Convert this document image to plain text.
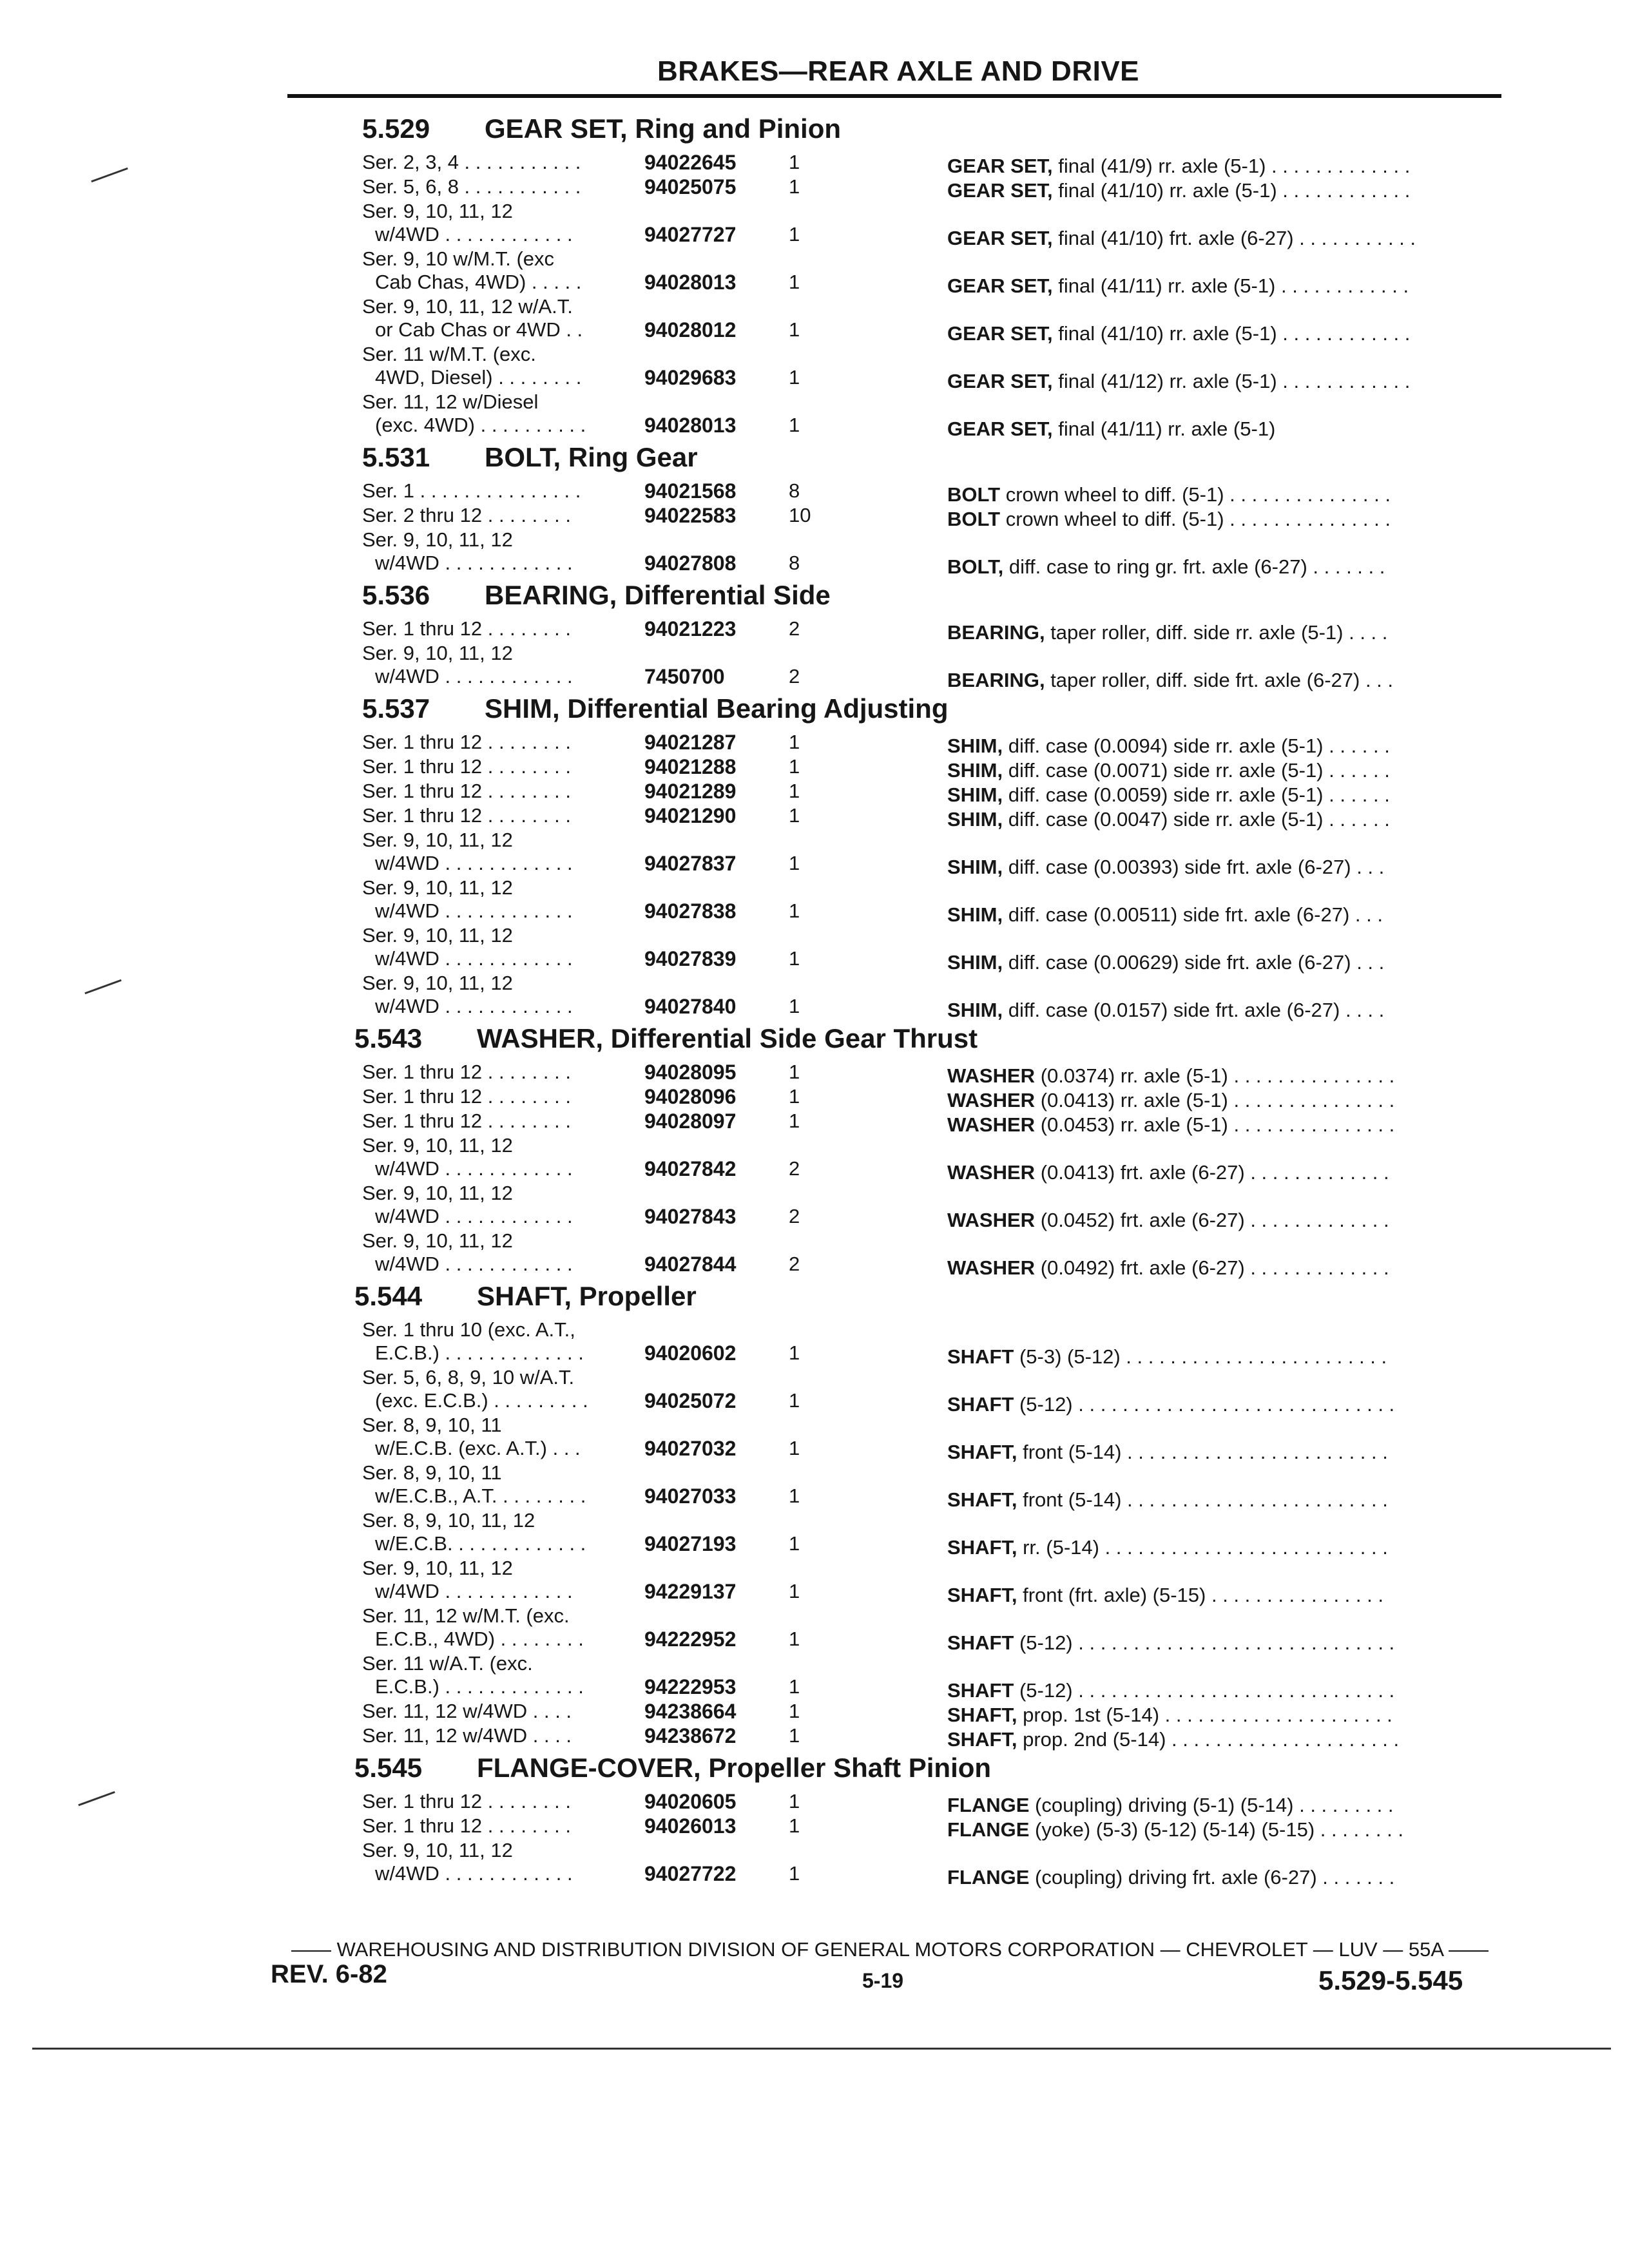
BRAKES—REAR AXLE AND DRIVE
5.529 GEAR SET, Ring and Pinion
Ser. 2, 3, 4 . . . . . . . . . . .	94022645	1	GEAR SET, final (41/9) rr. axle (5-1) . . . . . . . . . . . . .
Ser. 5, 6, 8 . . . . . . . . . . .	94025075	1	GEAR SET, final (41/10) rr. axle (5-1) . . . . . . . . . . . .
Ser. 9, 10, 11, 12
w/4WD . . . . . . . . . . . .	94027727	1	GEAR SET, final (41/10) frt. axle (6-27) . . . . . . . . . . .
Ser. 9, 10 w/M.T. (exc
Cab Chas, 4WD) . . . . .	94028013	1	GEAR SET, final (41/11) rr. axle (5-1) . . . . . . . . . . . .
Ser. 9, 10, 11, 12 w/A.T.
or Cab Chas or 4WD . .	94028012	1	GEAR SET, final (41/10) rr. axle (5-1) . . . . . . . . . . . .
Ser. 11 w/M.T. (exc.
4WD, Diesel) . . . . . . . .	94029683	1	GEAR SET, final (41/12) rr. axle (5-1) . . . . . . . . . . . .
Ser. 11, 12 w/Diesel
(exc. 4WD) . . . . . . . . . .	94028013	1	GEAR SET, final (41/11) rr. axle (5-1)
5.531 BOLT, Ring Gear
Ser. 1 . . . . . . . . . . . . . . .	94021568	8	BOLT crown wheel to diff. (5-1) . . . . . . . . . . . . . . .
Ser. 2 thru 12 . . . . . . . .	94022583	10	BOLT crown wheel to diff. (5-1) . . . . . . . . . . . . . . .
Ser. 9, 10, 11, 12
w/4WD . . . . . . . . . . . .	94027808	8	BOLT, diff. case to ring gr. frt. axle (6-27) . . . . . . .
5.536 BEARING, Differential Side
Ser. 1 thru 12 . . . . . . . .	94021223	2	BEARING, taper roller, diff. side rr. axle (5-1) . . . .
Ser. 9, 10, 11, 12
w/4WD . . . . . . . . . . . .	7450700	2	BEARING, taper roller, diff. side frt. axle (6-27) . . .
5.537 SHIM, Differential Bearing Adjusting
Ser. 1 thru 12 . . . . . . . .	94021287	1	SHIM, diff. case (0.0094) side rr. axle (5-1) . . . . . .
Ser. 1 thru 12 . . . . . . . .	94021288	1	SHIM, diff. case (0.0071) side rr. axle (5-1) . . . . . .
Ser. 1 thru 12 . . . . . . . .	94021289	1	SHIM, diff. case (0.0059) side rr. axle (5-1) . . . . . .
Ser. 1 thru 12 . . . . . . . .	94021290	1	SHIM, diff. case (0.0047) side rr. axle (5-1) . . . . . .
Ser. 9, 10, 11, 12
w/4WD . . . . . . . . . . . .	94027837	1	SHIM, diff. case (0.00393) side frt. axle (6-27) . . .
Ser. 9, 10, 11, 12
w/4WD . . . . . . . . . . . .	94027838	1	SHIM, diff. case (0.00511) side frt. axle (6-27) . . .
Ser. 9, 10, 11, 12
w/4WD . . . . . . . . . . . .	94027839	1	SHIM, diff. case (0.00629) side frt. axle (6-27) . . .
Ser. 9, 10, 11, 12
w/4WD . . . . . . . . . . . .	94027840	1	SHIM, diff. case (0.0157) side frt. axle (6-27) . . . .
5.543 WASHER, Differential Side Gear Thrust
Ser. 1 thru 12 . . . . . . . .	94028095	1	WASHER (0.0374) rr. axle (5-1) . . . . . . . . . . . . . . .
Ser. 1 thru 12 . . . . . . . .	94028096	1	WASHER (0.0413) rr. axle (5-1) . . . . . . . . . . . . . . .
Ser. 1 thru 12 . . . . . . . .	94028097	1	WASHER (0.0453) rr. axle (5-1) . . . . . . . . . . . . . . .
Ser. 9, 10, 11, 12
w/4WD . . . . . . . . . . . .	94027842	2	WASHER (0.0413) frt. axle (6-27) . . . . . . . . . . . . .
Ser. 9, 10, 11, 12
w/4WD . . . . . . . . . . . .	94027843	2	WASHER (0.0452) frt. axle (6-27) . . . . . . . . . . . . .
Ser. 9, 10, 11, 12
w/4WD . . . . . . . . . . . .	94027844	2	WASHER (0.0492) frt. axle (6-27) . . . . . . . . . . . . .
5.544 SHAFT, Propeller
Ser. 1 thru 10 (exc. A.T.,
E.C.B.) . . . . . . . . . . . . .	94020602	1	SHAFT (5-3) (5-12) . . . . . . . . . . . . . . . . . . . . . . . .
Ser. 5, 6, 8, 9, 10 w/A.T.
(exc. E.C.B.) . . . . . . . . .	94025072	1	SHAFT (5-12) . . . . . . . . . . . . . . . . . . . . . . . . . . . . .
Ser. 8, 9, 10, 11
w/E.C.B. (exc. A.T.) . . .	94027032	1	SHAFT, front (5-14) . . . . . . . . . . . . . . . . . . . . . . . .
Ser. 8, 9, 10, 11
w/E.C.B., A.T. . . . . . . . .	94027033	1	SHAFT, front (5-14) . . . . . . . . . . . . . . . . . . . . . . . .
Ser. 8, 9, 10, 11, 12
w/E.C.B. . . . . . . . . . . . .	94027193	1	SHAFT, rr. (5-14) . . . . . . . . . . . . . . . . . . . . . . . . . .
Ser. 9, 10, 11, 12
w/4WD . . . . . . . . . . . .	94229137	1	SHAFT, front (frt. axle) (5-15) . . . . . . . . . . . . . . . .
Ser. 11, 12 w/M.T. (exc.
E.C.B., 4WD) . . . . . . . .	94222952	1	SHAFT (5-12) . . . . . . . . . . . . . . . . . . . . . . . . . . . . .
Ser. 11 w/A.T. (exc.
E.C.B.) . . . . . . . . . . . . .	94222953	1	SHAFT (5-12) . . . . . . . . . . . . . . . . . . . . . . . . . . . . .
Ser. 11, 12 w/4WD . . . .	94238664	1	SHAFT, prop. 1st (5-14) . . . . . . . . . . . . . . . . . . . . .
Ser. 11, 12 w/4WD . . . .	94238672	1	SHAFT, prop. 2nd (5-14) . . . . . . . . . . . . . . . . . . . . .
5.545 FLANGE-COVER, Propeller Shaft Pinion
Ser. 1 thru 12 . . . . . . . .	94020605	1	FLANGE (coupling) driving (5-1) (5-14) . . . . . . . . .
Ser. 1 thru 12 . . . . . . . .	94026013	1	FLANGE (yoke) (5-3) (5-12) (5-14) (5-15) . . . . . . . .
Ser. 9, 10, 11, 12
w/4WD . . . . . . . . . . . .	94027722	1	FLANGE (coupling) driving frt. axle (6-27) . . . . . . .
—— WAREHOUSING AND DISTRIBUTION DIVISION OF GENERAL MOTORS CORPORATION — CHEVROLET — LUV — 55A ——
REV. 6-82	5-19	5.529-5.545
